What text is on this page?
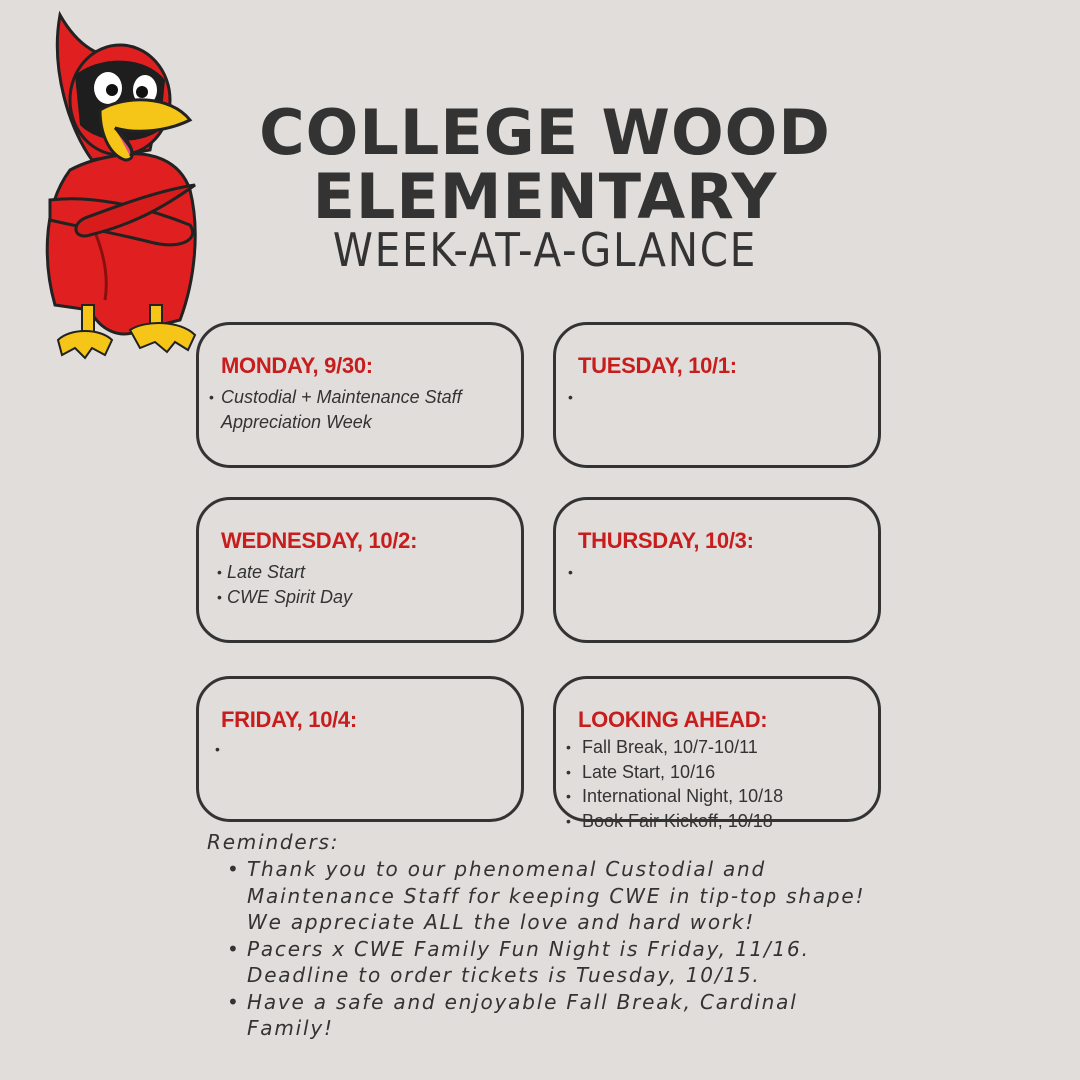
COLLEGE WOOD
ELEMENTARY
WEEK-AT-A-GLANCE
MONDAY, 9/30:
• Custodial + Maintenance Staff Appreciation Week
TUESDAY, 10/1:
•
WEDNESDAY, 10/2:
• Late Start
• CWE Spirit Day
THURSDAY, 10/3:
•
FRIDAY, 10/4:
•	LOOKING AHEAD:
• Fall Break, 10/7-10/11
• Late Start, 10/16
• International Night, 10/18
• Book Fair Kickoff, 10/18
Reminders:
• Thank you to our phenomenal Custodial and Maintenance Staff for keeping CWE in tip-top shape! We appreciate ALL the love and hard work!
• Pacers x CWE Family Fun Night is Friday, 11/16. Deadline to order tickets is Tuesday, 10/15.
• Have a safe and enjoyable Fall Break, Cardinal Family!
